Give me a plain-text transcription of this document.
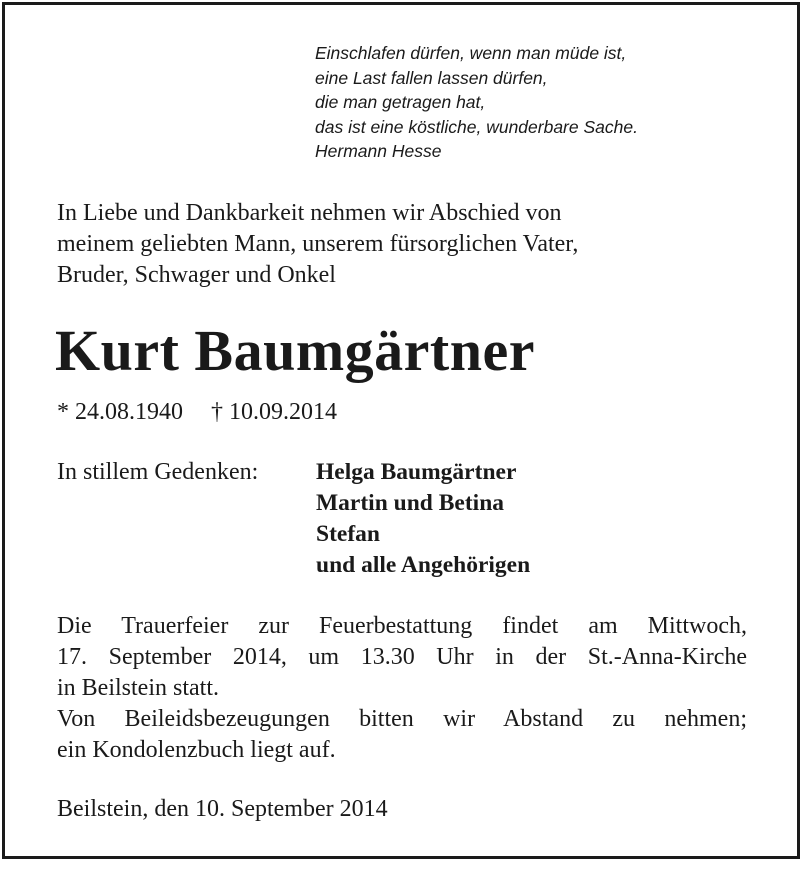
Einschlafen dürfen, wenn man müde ist,
eine Last fallen lassen dürfen,
die man getragen hat,
das ist eine köstliche, wunderbare Sache.
Hermann Hesse
In Liebe und Dankbarkeit nehmen wir Abschied von
meinem geliebten Mann, unserem fürsorglichen Vater,
Bruder, Schwager und Onkel
Kurt Baumgärtner
* 24.08.1940 † 10.09.2014
In stillem Gedenken: Helga Baumgärtner
Martin und Betina
Stefan
und alle Angehörigen
Die Trauerfeier zur Feuerbestattung findet am Mittwoch,
17. September 2014, um 13.30 Uhr in der St.-Anna-Kirche
in Beilstein statt.
Von Beileidsbezeugungen bitten wir Abstand zu nehmen;
ein Kondolenzbuch liegt auf.
Beilstein, den 10. September 2014
